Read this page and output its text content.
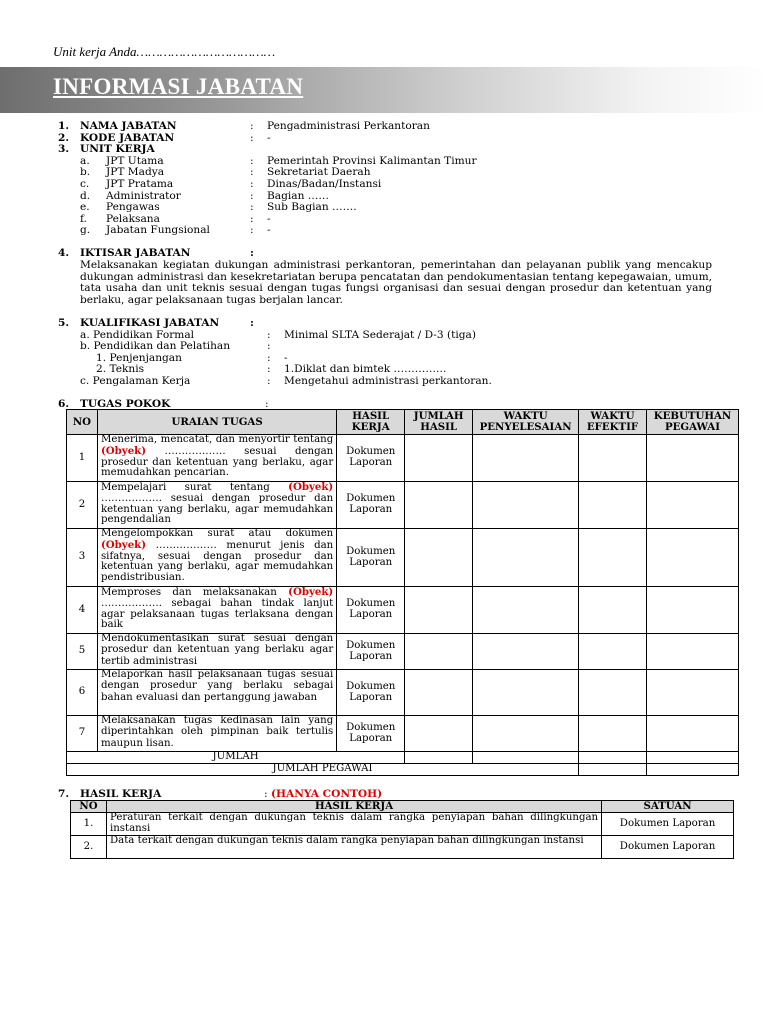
Unit kerja Anda………………………………
INFORMASI JABATAN
1. NAMA JABATAN	: Pengadministrasi Perkantoran
2. KODE JABATAN	: -
3. UNIT KERJA
a. JPT Utama	: Pemerintah Provinsi Kalimantan Timur
b. JPT Madya	: Sekretariat Daerah
c. JPT Pratama	: Dinas/Badan/Instansi
d. Administrator	: Bagian ……
e. Pengawas	: Sub Bagian …….
f. Pelaksana	: -
g. Jabatan Fungsional	: -
4. IKTISAR JABATAN	:
Melaksanakan kegiatan dukungan administrasi perkantoran, pemerintahan dan pelayanan publik yang mencakup dukungan administrasi dan kesekretariatan berupa pencatatan dan pendokumentasian tentang kepegawaian, umum, tata usaha dan unit teknis sesuai dengan tugas fungsi organisasi dan sesuai dengan prosedur dan ketentuan yang berlaku, agar pelaksanaan tugas berjalan lancar.
5. KUALIFIKASI JABATAN	:
a. Pendidikan Formal	: Minimal SLTA Sederajat / D-3 (tiga)
b. Pendidikan dan Pelatihan	:
1. Penjenjangan	: -
2. Teknis	: 1.Diklat dan bimtek ……………
c. Pengalaman Kerja	: Mengetahui administrasi perkantoran.
6. TUGAS POKOK	:
NO	URAIAN TUGAS	HASIL KERJA	JUMLAH HASIL	WAKTU PENYELESAIAN	WAKTU EFEKTIF	KEBUTUHAN PEGAWAI
1	Menerima, mencatat, dan menyortir tentang (Obyek) ……………… sesuai dengan prosedur dan ketentuan yang berlaku, agar memudahkan pencarian.	Dokumen Laporan				
2	Mempelajari surat tentang (Obyek) ……………… sesuai dengan prosedur dan ketentuan yang berlaku, agar memudahkan pengendalian	Dokumen Laporan				
3	Mengelompokkan surat atau dokumen (Obyek) ……………… menurut jenis dan sifatnya, sesuai dengan prosedur dan ketentuan yang berlaku, agar memudahkan pendistribusian.	Dokumen Laporan				
4	Memproses dan melaksanakan (Obyek) ……………… sebagai bahan tindak lanjut agar pelaksanaan tugas terlaksana dengan baik	Dokumen Laporan				
5	Mendokumentasikan surat sesuai dengan prosedur dan ketentuan yang berlaku agar tertib administrasi	Dokumen Laporan				
6	Melaporkan hasil pelaksanaan tugas sesuai dengan prosedur yang berlaku sebagai bahan evaluasi dan pertanggung jawaban	Dokumen Laporan				
7	Melaksanakan tugas kedinasan lain yang diperintahkan oleh pimpinan baik tertulis maupun lisan.	Dokumen Laporan				
JUMLAH						
JUMLAH PEGAWAI						
7. HASIL KERJA	: (HANYA CONTOH)
NO	HASIL KERJA	SATUAN
1.	Peraturan terkait dengan dukungan teknis dalam rangka penyiapan bahan dilingkungan instansi	Dokumen Laporan
2.	Data terkait dengan dukungan teknis dalam rangka penyiapan bahan dilingkungan instansi	Dokumen Laporan
